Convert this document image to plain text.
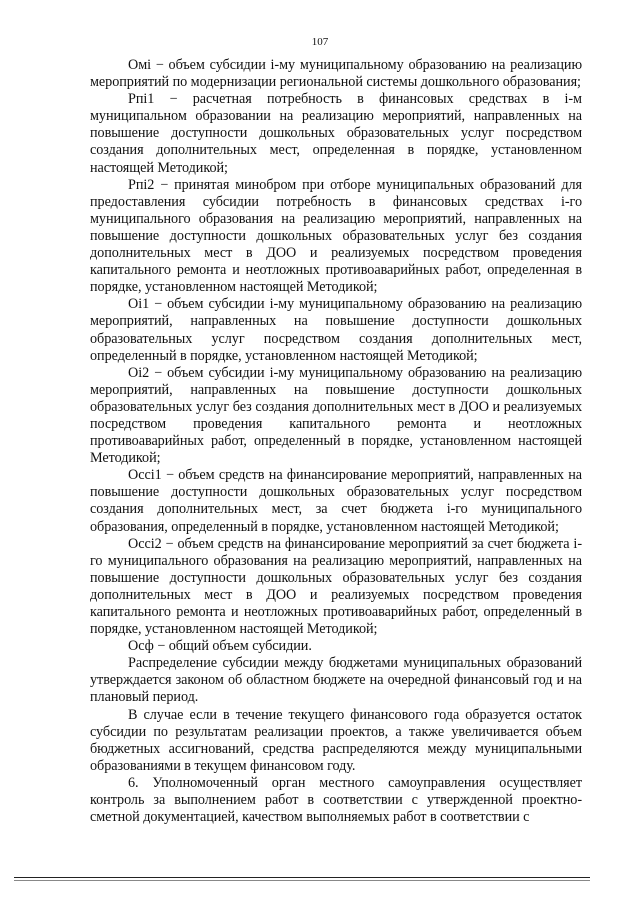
107

Омi − объем субсидии i-му муниципальному образованию на реализацию мероприятий по модернизации региональной системы дошкольного образования;

Pпi1 − расчетная потребность в финансовых средствах в i-м муниципальном образовании на реализацию мероприятий, направленных на повышение доступности дошкольных образовательных услуг посредством создания дополнительных мест, определенная в порядке, установленном настоящей Методикой;

Pпi2 − принятая минобром при отборе муниципальных образований для предоставления субсидии потребность в финансовых средствах i-го муниципального образования на реализацию мероприятий, направленных на повышение доступности дошкольных образовательных услуг без создания дополнительных мест в ДОО и реализуемых посредством проведения капитального ремонта и неотложных противоаварийных работ, определенная в порядке, установленном настоящей Методикой;

Оi1 − объем субсидии i-му муниципальному образованию на реализацию мероприятий, направленных на повышение доступности дошкольных образовательных услуг посредством создания дополнительных мест, определенный в порядке, установленном настоящей Методикой;

Оi2 − объем субсидии i-му муниципальному образованию на реализацию мероприятий, направленных на повышение доступности дошкольных образовательных услуг без создания дополнительных мест в ДОО и реализуемых посредством проведения капитального ремонта и неотложных противоаварийных работ, определенный в порядке, установленном настоящей Методикой;

Осci1 − объем средств на финансирование мероприятий, направленных на повышение доступности дошкольных образовательных услуг посредством создания дополнительных мест, за счет бюджета i-го муниципального образования, определенный в порядке, установленном настоящей Методикой;

Осci2 − объем средств на финансирование мероприятий за счет бюджета i-го муниципального образования на реализацию мероприятий, направленных на повышение доступности дошкольных образовательных услуг без создания дополнительных мест в ДОО и реализуемых посредством проведения капитального ремонта и неотложных противоаварийных работ, определенный в порядке, установленном настоящей Методикой;

Осф − общий объем субсидии.

Распределение субсидии между бюджетами муниципальных образований утверждается законом об областном бюджете на очередной финансовый год и на плановый период.

В случае если в течение текущего финансового года образуется остаток субсидии по результатам реализации проектов, а также увеличивается объем бюджетных ассигнований, средства распределяются между муниципальными образованиями в текущем финансовом году.

6. Уполномоченный орган местного самоуправления осуществляет контроль за выполнением работ в соответствии с утвержденной проектно-сметной документацией, качеством выполняемых работ в соответствии с
